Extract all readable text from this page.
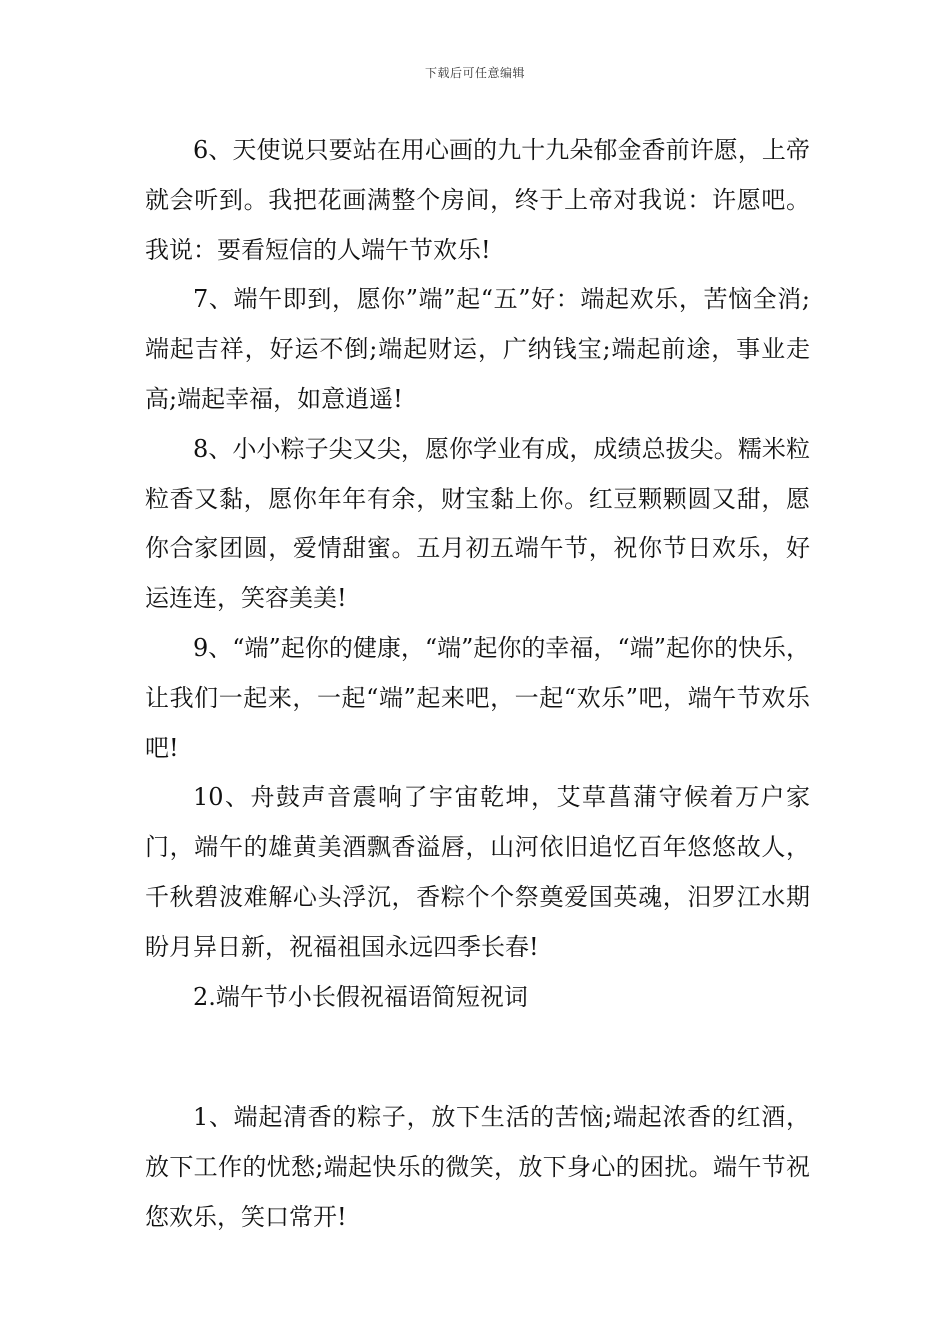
下载后可任意编辑

6、天使说只要站在用心画的九十九朵郁金香前许愿，上帝就会听到。我把花画满整个房间，终于上帝对我说：许愿吧。我说：要看短信的人端午节欢乐!

7、端午即到，愿你”端”起“五”好：端起欢乐，苦恼全消;端起吉祥，好运不倒;端起财运，广纳钱宝;端起前途，事业走高;端起幸福，如意逍遥!

8、小小粽子尖又尖，愿你学业有成，成绩总拔尖。糯米粒粒香又黏，愿你年年有余，财宝黏上你。红豆颗颗圆又甜，愿你合家团圆，爱情甜蜜。五月初五端午节，祝你节日欢乐，好运连连，笑容美美!

9、“端”起你的健康，“端”起你的幸福，“端”起你的快乐，让我们一起来，一起“端”起来吧，一起“欢乐”吧，端午节欢乐吧!

10、舟鼓声音震响了宇宙乾坤，艾草菖蒲守候着万户家门，端午的雄黄美酒飘香溢唇，山河依旧追忆百年悠悠故人，千秋碧波难解心头浮沉，香粽个个祭奠爱国英魂，汨罗江水期盼月异日新，祝福祖国永远四季长春!

2.端午节小长假祝福语简短祝词

1、端起清香的粽子，放下生活的苦恼;端起浓香的红酒，放下工作的忧愁;端起快乐的微笑，放下身心的困扰。端午节祝您欢乐，笑口常开!
